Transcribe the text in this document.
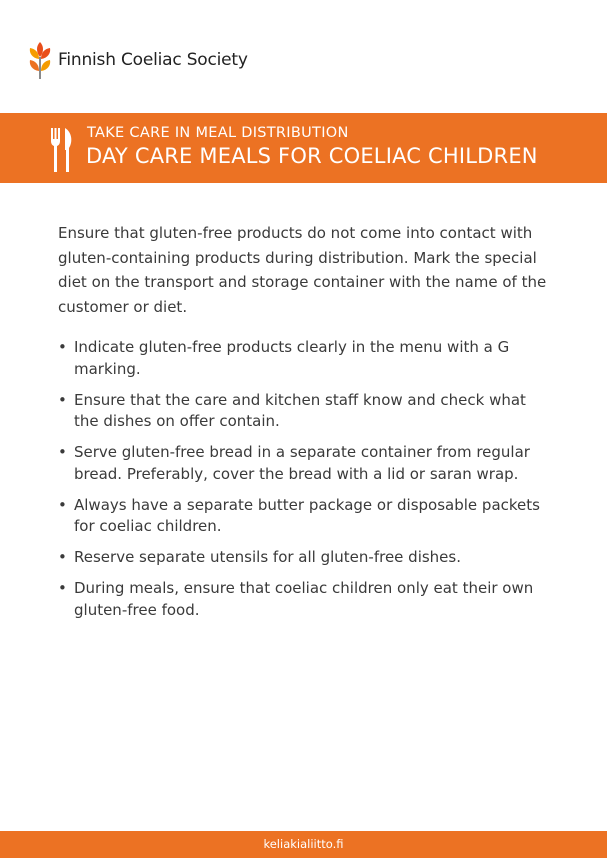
Finnish Coeliac Society
TAKE CARE IN MEAL DISTRIBUTION
DAY CARE MEALS FOR COELIAC CHILDREN

Ensure that gluten-free products do not come into contact with gluten-containing products during distribution. Mark the special diet on the transport and storage container with the name of the customer or diet.

• Indicate gluten-free products clearly in the menu with a G marking.
• Ensure that the care and kitchen staff know and check what the dishes on offer contain.
• Serve gluten-free bread in a separate container from regular bread. Preferably, cover the bread with a lid or saran wrap.
• Always have a separate butter package or disposable packets for coeliac children.
• Reserve separate utensils for all gluten-free dishes.
• During meals, ensure that coeliac children only eat their own gluten-free food.
keliakialiitto.fi
